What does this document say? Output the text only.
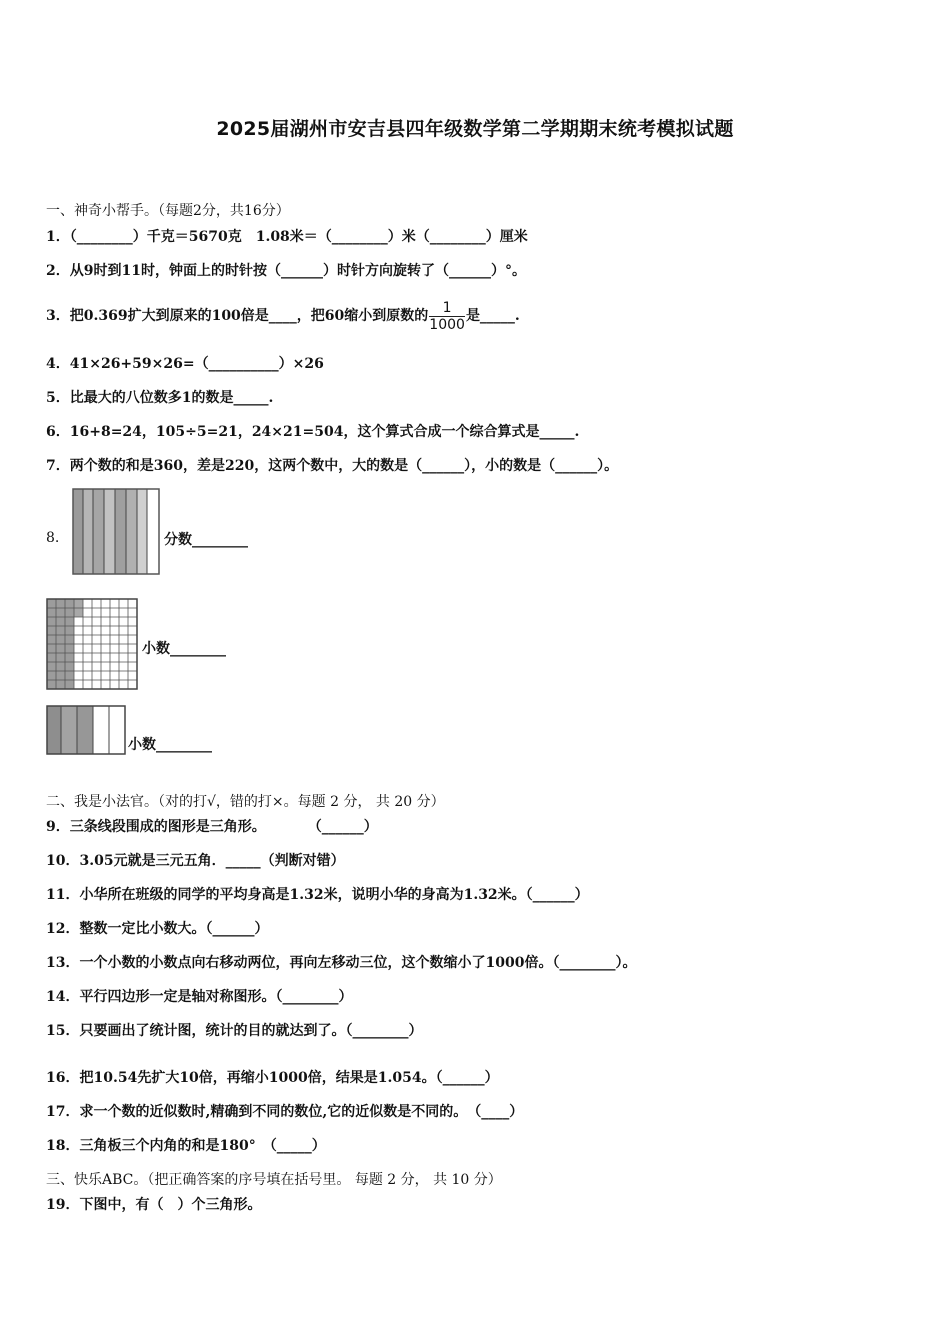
2025届湖州市安吉县四年级数学第二学期期末统考模拟试题
一、神奇小帮手。（每题2分，共16分）
1．（________）千克＝5670克　1.08米＝（________）米（________）厘米
2．从9时到11时，钟面上的时针按（______）时针方向旋转了（______）°。
3．把0.369扩大到原来的100倍是____，把60缩小到原数的 $\frac{1}{1000}$ 是_____.
4．41×26+59×26=（__________）×26
5．比最大的八位数多1的数是_____.
6．16+8=24，105÷5=21，24×21=504，这个算式合成一个综合算式是_____.
7．两个数的和是360，差是220，这两个数中，大的数是（______），小的数是（______）。
8.	分数________
小数________
小数________
二、我是小法官。（对的打√，错的打×。每题 2 分， 共 20 分）
9．三条线段围成的图形是三角形。　　　　（______）
10．3.05元就是三元五角．_____（判断对错）
11．小华所在班级的同学的平均身高是1.32米，说明小华的身高为1.32米。（______）
12．整数一定比小数大。（______）
13．一个小数的小数点向右移动两位，再向左移动三位，这个数缩小了1000倍。（________）。
14．平行四边形一定是轴对称图形。（________）
15．只要画出了统计图，统计的目的就达到了。（________）
16．把10.54先扩大10倍，再缩小1000倍，结果是1.054。（______）
17．求一个数的近似数时,精确到不同的数位,它的近似数是不同的。　（____）
18．三角板三个内角的和是180°　（_____）
三、快乐ABC。（把正确答案的序号填在括号里。 每题 2 分， 共 10 分）
19．下图中，有（　）个三角形。
